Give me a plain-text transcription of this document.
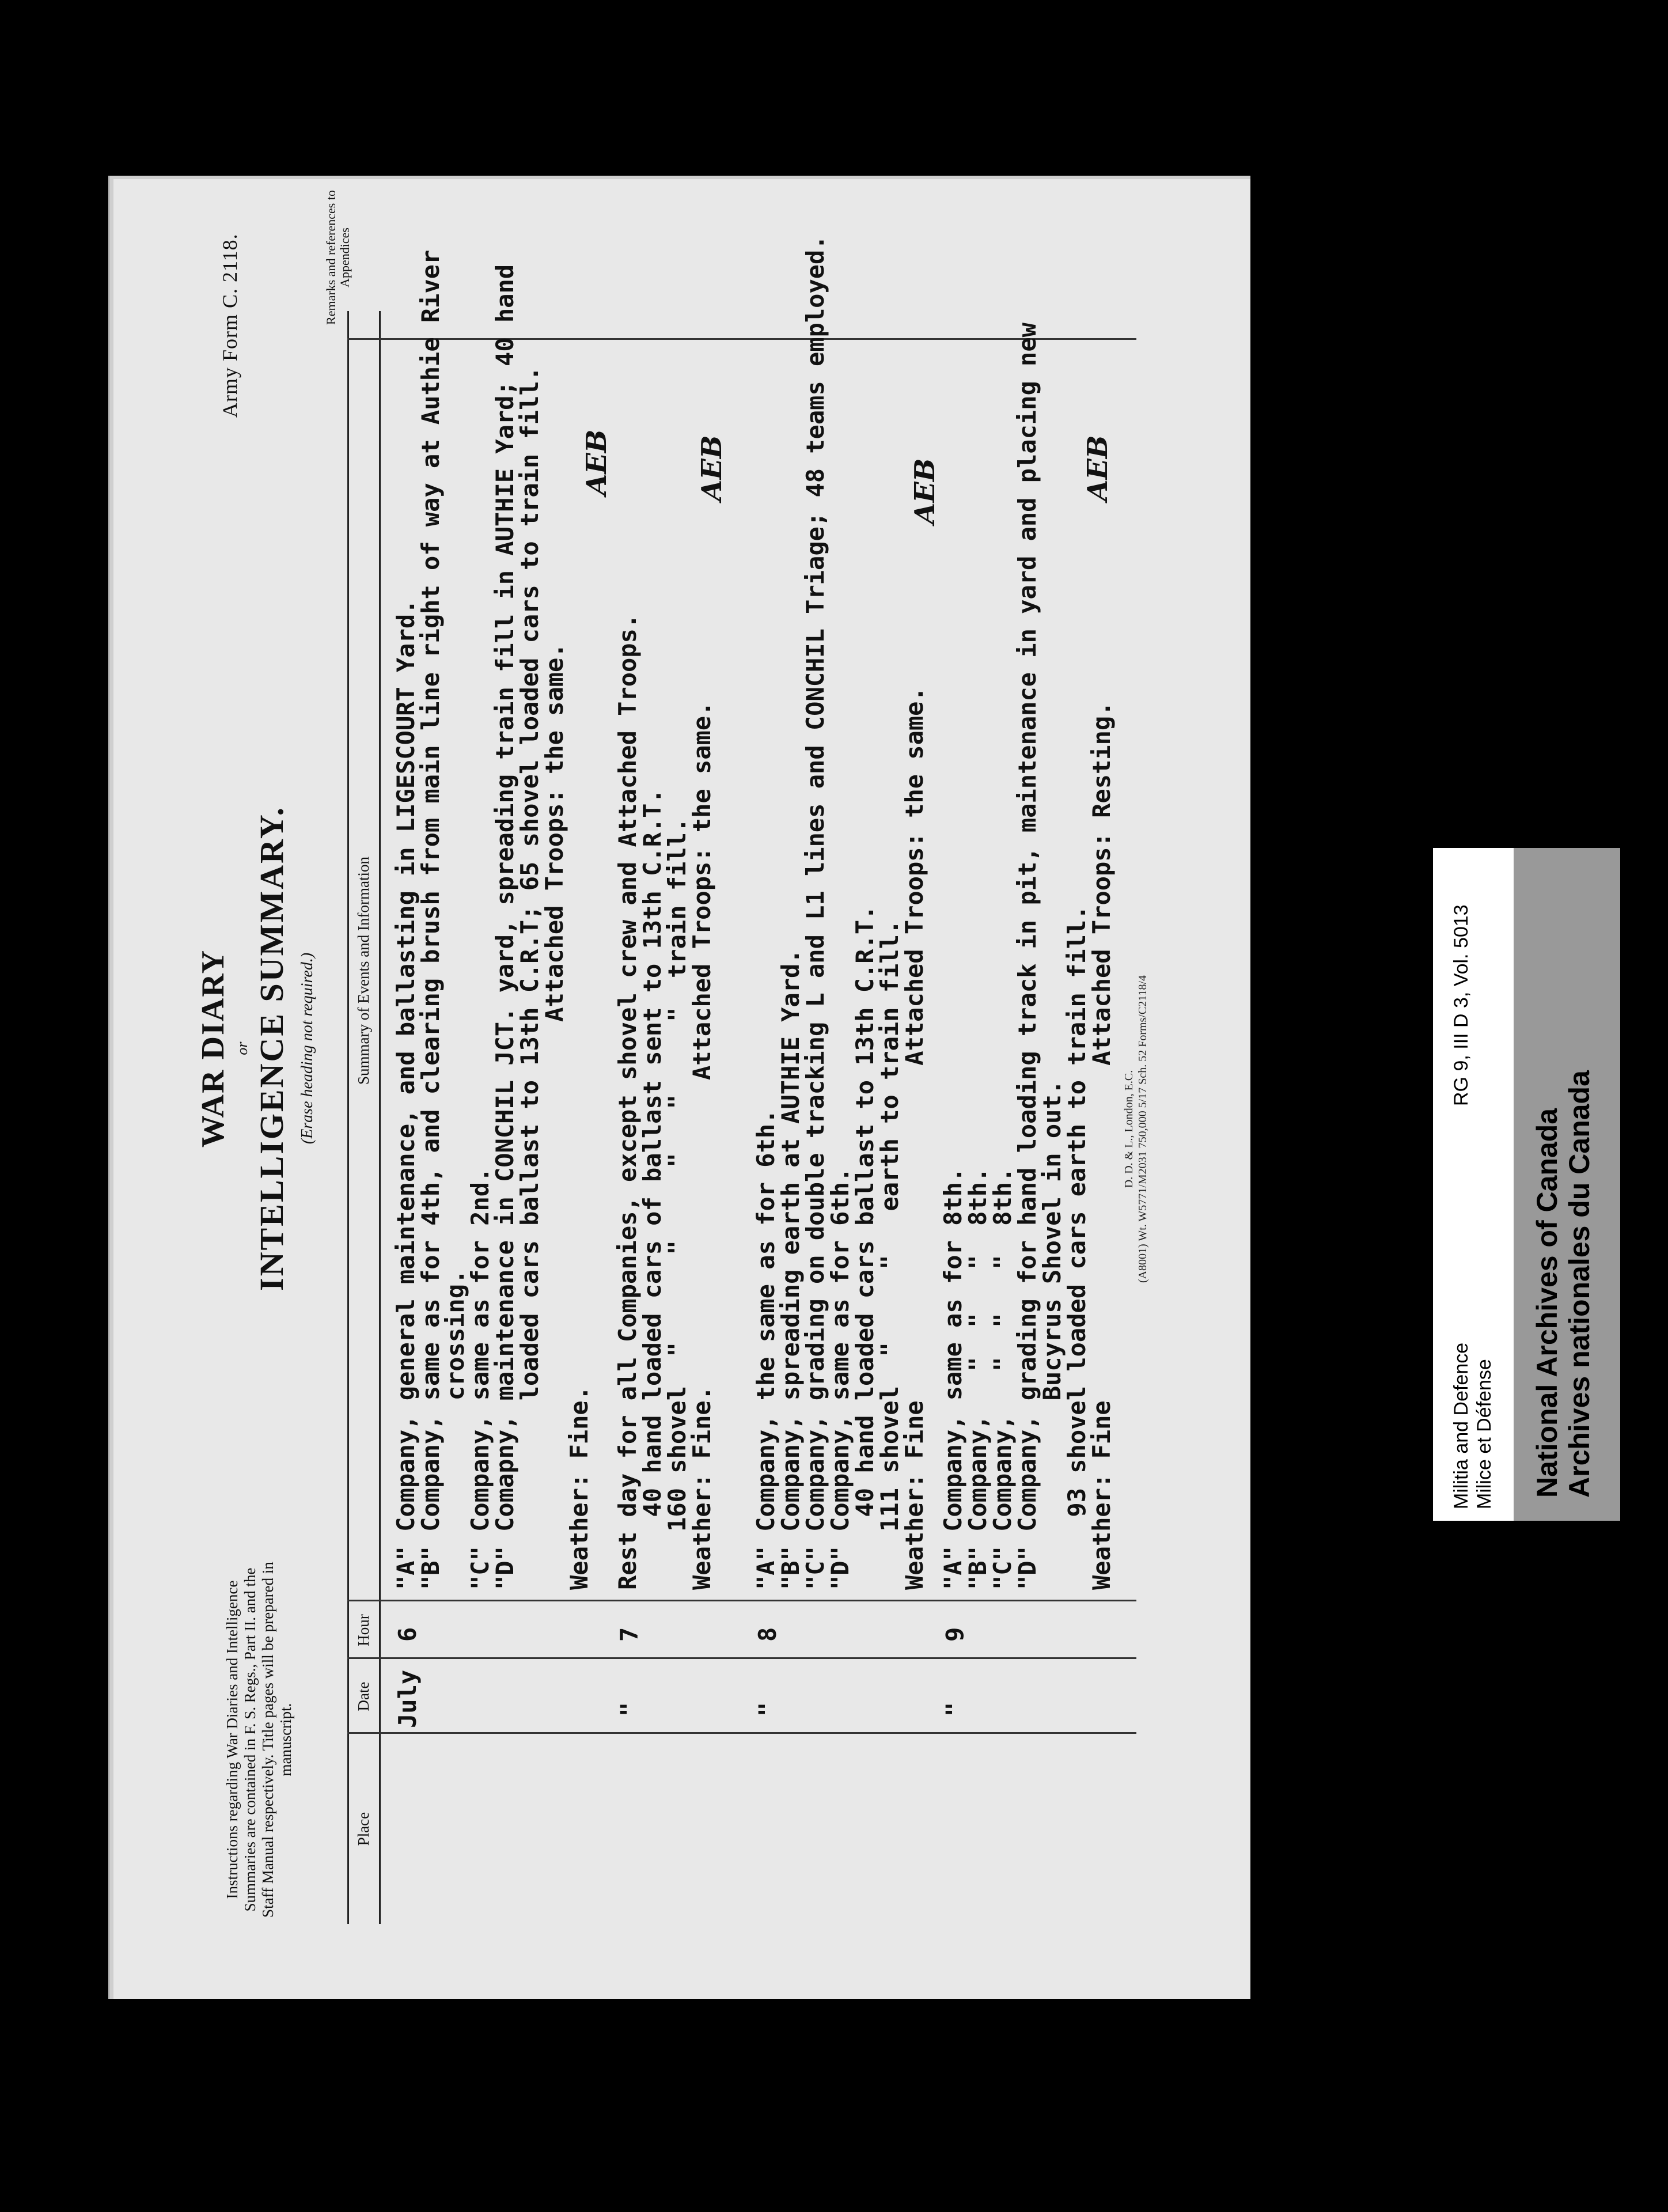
Army Form C. 2118.
Instructions regarding War Diaries and Intelligence Summaries are contained in F. S. Regs., Part II. and the Staff Manual respectively. Title pages will be prepared in manuscript.
WAR DIARY or INTELLIGENCE SUMMARY. (Erase heading not required.)
Place
Date
Hour
Summary of Events and Information
Remarks and references to Appendices
July
6
"A" Company, general maintenance, and ballasting in LIGESCOURT Yard.
"B" Company, same as for 4th, and clearing brush from main line right of way at Authie River
crossing.
"C" Company, same as for 2nd.
"D" Comapny, maintenance in CONCHIL JCT. yard, spreading train fill in AUTHIE Yard; 40 hand
loaded cars ballast to 13th C.R.T; 65 shovel loaded cars to train fill.
Attached Troops: the same.
Weather: Fine.
AEB
"
7
Rest day for all Companies, except shovel crew and Attached Troops.
40 hand loaded cars of ballast sent to 13th C.R.T.
160 shovel  "      "     "   "     "  train fill.
Weather: Fine.                     Attached Troops: the same.
AEB
"
8
"A" Company, the same as for 6th.
"B" Company, spreading earth at AUTHIE Yard.
"C" Company, grading on double tracking L and L1 lines and CONCHIL Triage; 48 teams employed.
"D" Company, same as for 6th.
40 hand loaded cars ballast to 13th C.R.T.
111 shovel  "     "   earth to train fill.
Weather: Fine                       Attached Troops: the same.
AEB
"
9
"A" Company, same as for 8th.
"B" Company,   "  "   "  8th.
"C" Company,   "  "   "  8th.
"D" Company, grading for hand loading track in pit, maintenance in yard and placing new
Bucyrus Shovel in out.
93 shovel loaded cars earth to train fill.
Weather: Fine                       Attached Troops: Resting.
AEB
D. D. & L., London, E.C. (A8001) Wt. W5771/M2031 750,000 5/17 Sch. 52 Forms/C2118/4
Militia and Defence Milice et Défense
RG 9, III D 3, Vol. 5013
National Archives of Canada Archives nationales du Canada
